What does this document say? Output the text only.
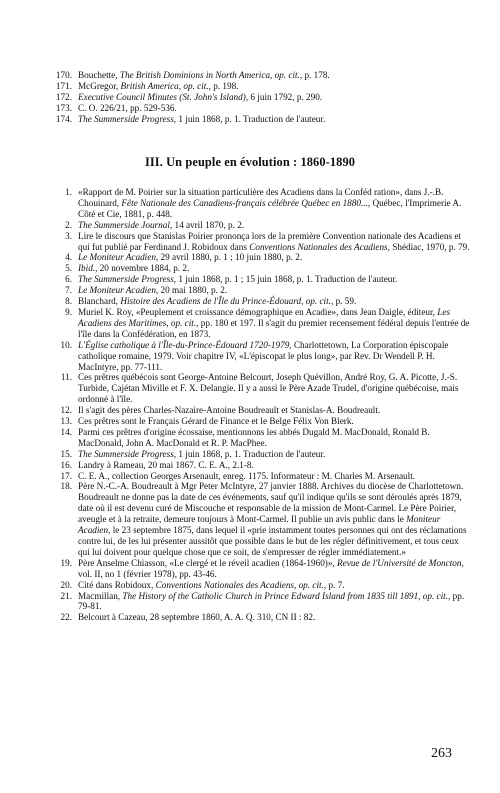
170. Bouchette, The British Dominions in North America, op. cit., p. 178.
171. McGregor, British America, op. cit., p. 198.
172. Executive Council Minutes (St. John's Island), 6 juin 1792, p. 290.
173. C. O. 226/21, pp. 529-536.
174. The Summerside Progress, 1 juin 1868, p. 1. Traduction de l'auteur.
III. Un peuple en évolution : 1860-1890
1. «Rapport de M. Poirier sur la situation particulière des Acadiens dans la Conféd ration», dans J.-.B. Chouinard, Fête Nationale des Canadiens-français célébrée Québec en 1880..., Québec, l'Imprimerie A. Côté et Cie, 1881, p. 448.
2. The Summerside Journal, 14 avril 1870, p. 2.
3. Lire le discours que Stanislas Poirier prononça lors de la première Convention nationale des Acadiens et qui fut publié par Ferdinand J. Robidoux dans Conventions Nationales des Acadiens, Shédiac, 1970, p. 79.
4. Le Moniteur Acadien, 29 avril 1880, p. 1 ; 10 juin 1880, p. 2.
5. Ibid., 20 novembre 1884, p. 2.
6. The Summerside Progress, 1 juin 1868, p. 1 ; 15 juin 1868, p. 1. Traduction de l'auteur.
7. Le Moniteur Acadien, 20 mai 1880, p. 2.
8. Blanchard, Histoire des Acadiens de l'Île du Prince-Édouard, op. cit., p. 59.
9. Muriel K. Roy, «Peuplement et croissance démographique en Acadie», dans Jean Daigle, éditeur, Les Acadiens des Maritimes, op. cit., pp. 180 et 197. Il s'agit du premier recensement fédéral depuis l'entrée de l'île dans la Confédération, en 1873.
10. L'Église catholique à l'Île-du-Prince-Édouard 1720-1979, Charlottetown, La Corporation épiscopale catholique romaine, 1979. Voir chapitre IV, «L'épiscopat le plus long», par Rev. Dr Wendell P. H. MacIntyre, pp. 77-111.
11. Ces prêtres québécois sont George-Antoine Belcourt, Joseph Quévillon, André Roy, G. A. Picotte, J.-S. Turbide, Cajétan Miville et F. X. Delangie. Il y a aussi le Père Azade Trudel, d'origine québécoise, mais ordonné à l'île.
12. Il s'agit des pères Charles-Nazaire-Antoine Boudreault et Stanislas-A. Boudreault.
13. Ces prêtres sont le Français Gérard de Finance et le Belge Félix Von Blerk.
14. Parmi ces prêtres d'origine écossaise, mentionnons les abbés Dugald M. MacDonald, Ronald B. MacDonald, John A. MacDonald et R. P. MacPhee.
15. The Summerside Progress, 1 juin 1868, p. 1. Traduction de l'auteur.
16. Landry à Rameau, 20 mai 1867. C. E. A., 2.1-8.
17. C. E. A., collection Georges Arsenault, enreg. 1175. Informateur : M. Charles M. Arsenault.
18. Père N.-C.-A. Boudreault à Mgr Peter McIntyre, 27 janvier 1888. Archives du diocèse de Charlottetown. Boudreault ne donne pas la date de ces événements, sauf qu'il indique qu'ils se sont déroulés après 1879, date où il est devenu curé de Miscouche et responsable de la mission de Mont-Carmel. Le Père Poirier, aveugle et à la retraite, demeure toujours à Mont-Carmel. Il publie un avis public dans le Moniteur Acadien, le 23 septembre 1875, dans lequel il «prie instamment toutes personnes qui ont des réclamations contre lui, de les lui présenter aussitôt que possible dans le but de les régler définitivement, et tous ceux qui lui doivent pour quelque chose que ce soit, de s'empresser de régler immédiatement.»
19. Père Anselme Chiasson, «Le clergé et le réveil acadien (1864-1960)», Revue de l'Université de Moncton, vol. II, no 1 (février 1978), pp. 43-46.
20. Cité dans Robidoux, Conventions Nationales des Acadiens, op. cit., p. 7.
21. Macmillan, The History of the Catholic Church in Prince Edward Island from 1835 till 1891, op. cit., pp. 79-81.
22. Belcourt à Cazeau, 28 septembre 1860, A. A. Q. 310, CN II : 82.
263
